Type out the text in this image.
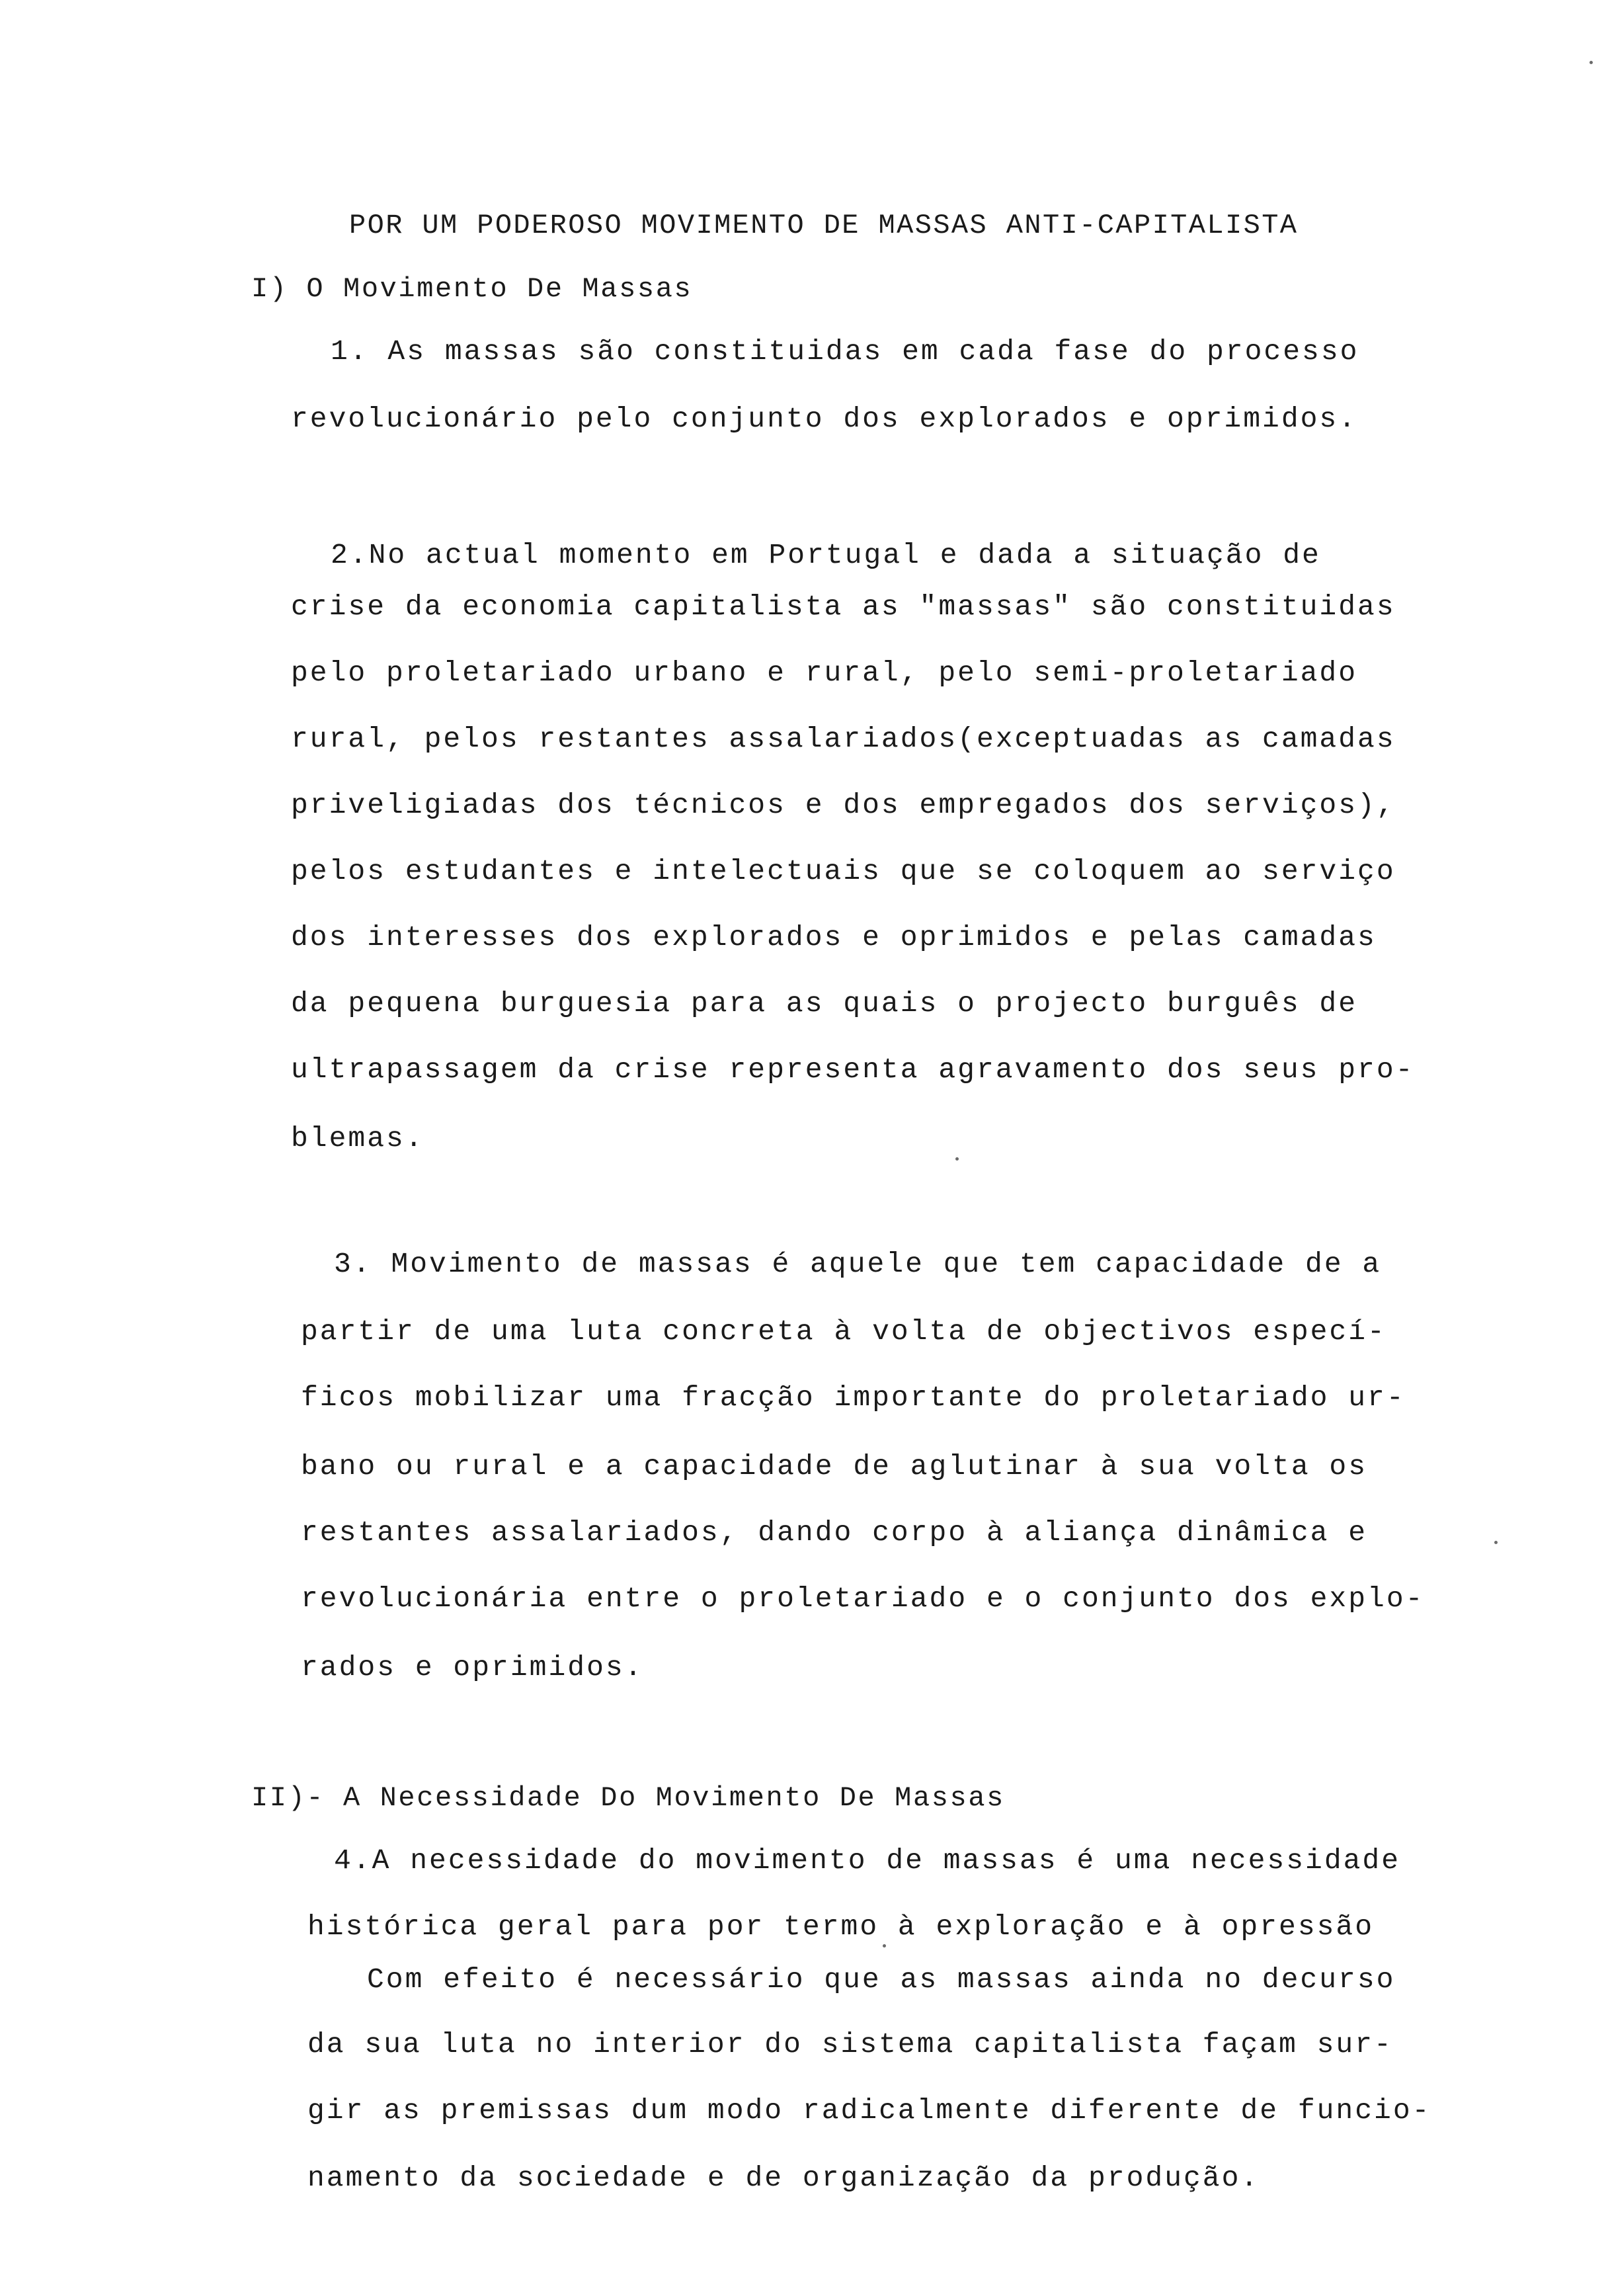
POR UM PODEROSO MOVIMENTO DE MASSAS ANTI-CAPITALISTA
I) O Movimento De Massas
1. As massas são constituidas em cada fase do processo
revolucionário pelo conjunto dos explorados e oprimidos.
2.No actual momento em Portugal e dada a situação de
crise da economia capitalista as "massas" são constituidas
pelo proletariado urbano e rural, pelo semi-proletariado
rural, pelos restantes assalariados(exceptuadas as camadas
priveligiadas dos técnicos e dos empregados dos serviços),
pelos estudantes e intelectuais que se coloquem ao serviço
dos interesses dos explorados e oprimidos e pelas camadas
da pequena burguesia para as quais o projecto burguês de
ultrapassagem da crise representa agravamento dos seus pro-
blemas.
3. Movimento de massas é aquele que tem capacidade de a
partir de uma luta concreta à volta de objectivos especí-
ficos mobilizar uma fracção importante do proletariado ur-
bano ou rural e a capacidade de aglutinar à sua volta os
restantes assalariados, dando corpo à aliança dinâmica e
revolucionária entre o proletariado e o conjunto dos explo-
rados e oprimidos.
II)- A Necessidade Do Movimento De Massas
4.A necessidade do movimento de massas é uma necessidade
histórica geral para por termo à exploração e à opressão
Com efeito é necessário que as massas ainda no decurso
da sua luta no interior do sistema capitalista façam sur-
gir as premissas dum modo radicalmente diferente de funcio-
namento da sociedade e de organização da produção.
